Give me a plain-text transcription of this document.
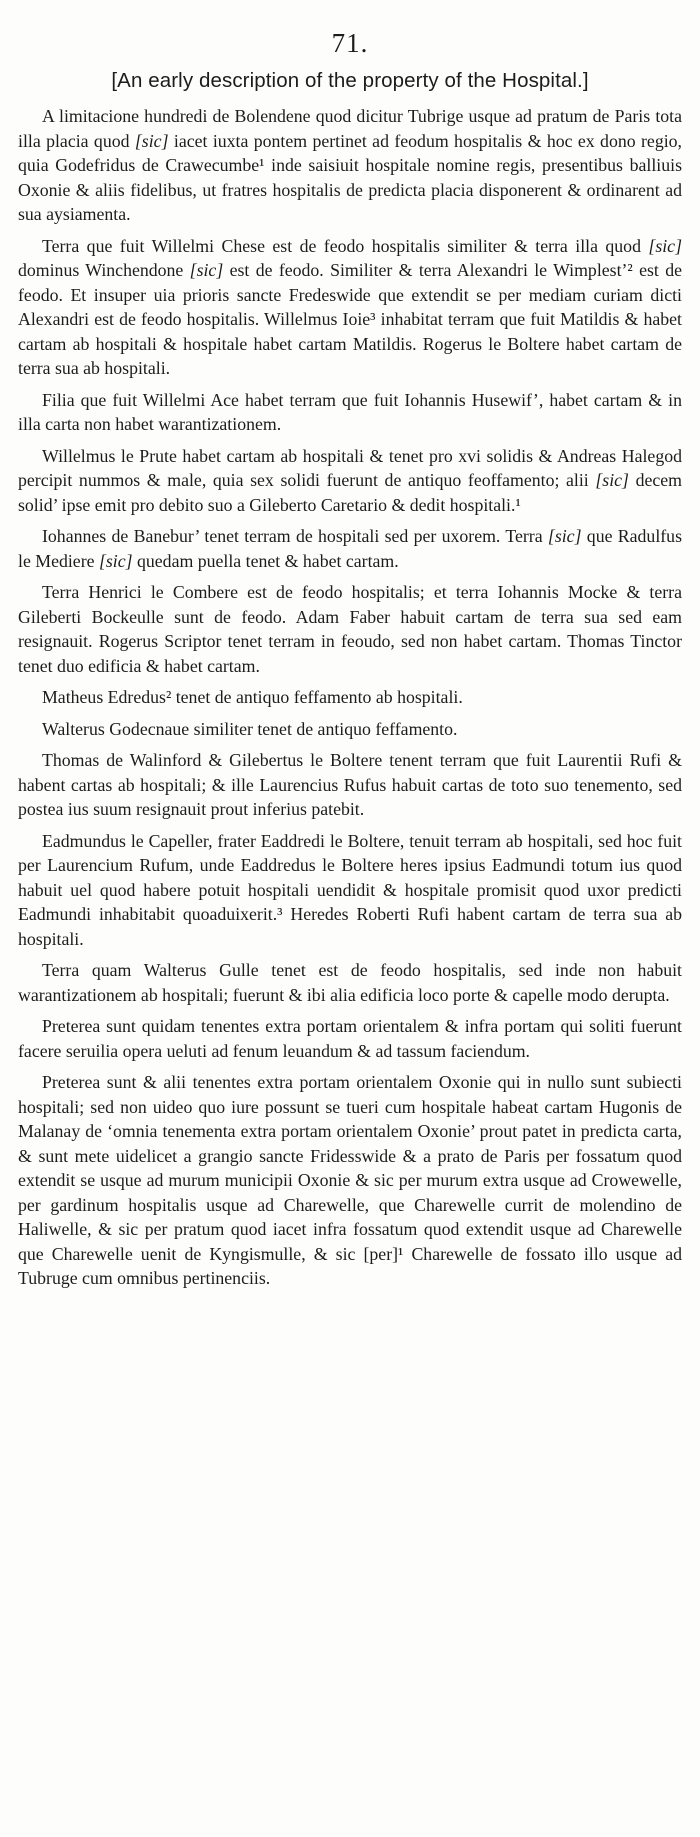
71.
[An early description of the property of the Hospital.]

A limitacione hundredi de Bolendene quod dicitur Tubrige usque ad pratum de Paris tota illa placia quod [sic] iacet iuxta pontem pertinet ad feodum hospitalis & hoc ex dono regio, quia Godefridus de Crawecumbe¹ inde saisiuit hospitale nomine regis, presentibus balliuis Oxonie & aliis fidelibus, ut fratres hospitalis de predicta placia disponerent & ordinarent ad sua aysiamenta.

Terra que fuit Willelmi Chese est de feodo hospitalis similiter & terra illa quod [sic] dominus Winchendone [sic] est de feodo. Similiter & terra Alexandri le Wimplest’² est de feodo. Et insuper uia prioris sancte Fredeswide que extendit se per mediam curiam dicti Alexandri est de feodo hospitalis. Willelmus Ioie³ inhabitat terram que fuit Matildis & habet cartam ab hospitali & hospitale habet cartam Matildis. Rogerus le Boltere habet cartam de terra sua ab hospitali.

Filia que fuit Willelmi Ace habet terram que fuit Iohannis Husewif’, habet cartam & in illa carta non habet warantizationem.

Willelmus le Prute habet cartam ab hospitali & tenet pro xvi solidis & Andreas Halegod percipit nummos & male, quia sex solidi fuerunt de antiquo feoffamento; alii [sic] decem solid’ ipse emit pro debito suo a Gileberto Caretario & dedit hospitali.¹

Iohannes de Banebur’ tenet terram de hospitali sed per uxorem. Terra [sic] que Radulfus le Mediere [sic] quedam puella tenet & habet cartam.

Terra Henrici le Combere est de feodo hospitalis; et terra Iohannis Mocke & terra Gileberti Bockeulle sunt de feodo. Adam Faber habuit cartam de terra sua sed eam resignauit. Rogerus Scriptor tenet terram in feoudo, sed non habet cartam. Thomas Tinctor tenet duo edificia & habet cartam.

Matheus Edredus² tenet de antiquo feffamento ab hospitali.

Walterus Godecnaue similiter tenet de antiquo feffamento.

Thomas de Walinford & Gilebertus le Boltere tenent terram que fuit Laurentii Rufi & habent cartas ab hospitali; & ille Laurencius Rufus habuit cartas de toto suo tenemento, sed postea ius suum resignauit prout inferius patebit.

Eadmundus le Capeller, frater Eaddredi le Boltere, tenuit terram ab hospitali, sed hoc fuit per Laurencium Rufum, unde Eaddredus le Boltere heres ipsius Eadmundi totum ius quod habuit uel quod habere potuit hospitali uendidit & hospitale promisit quod uxor predicti Eadmundi inhabitabit quoaduixerit.³ Heredes Roberti Rufi habent cartam de terra sua ab hospitali.

Terra quam Walterus Gulle tenet est de feodo hospitalis, sed inde non habuit warantizationem ab hospitali; fuerunt & ibi alia edificia loco porte & capelle modo derupta.

Preterea sunt quidam tenentes extra portam orientalem & infra portam qui soliti fuerunt facere seruilia opera ueluti ad fenum leuandum & ad tassum faciendum.

Preterea sunt & alii tenentes extra portam orientalem Oxonie qui in nullo sunt subiecti hospitali; sed non uideo quo iure possunt se tueri cum hospitale habeat cartam Hugonis de Malanay de ‘omnia tenementa extra portam orientalem Oxonie’ prout patet in predicta carta, & sunt mete uidelicet a grangio sancte Fridesswide & a prato de Paris per fossatum quod extendit se usque ad murum municipii Oxonie & sic per murum extra usque ad Crowewelle, per gardinum hospitalis usque ad Charewelle, que Charewelle currit de molendino de Haliwelle, & sic per pratum quod iacet infra fossatum quod extendit usque ad Charewelle que Charewelle uenit de Kyngismulle, & sic [per]¹ Charewelle de fossato illo usque ad Tubruge cum omnibus pertinenciis.
